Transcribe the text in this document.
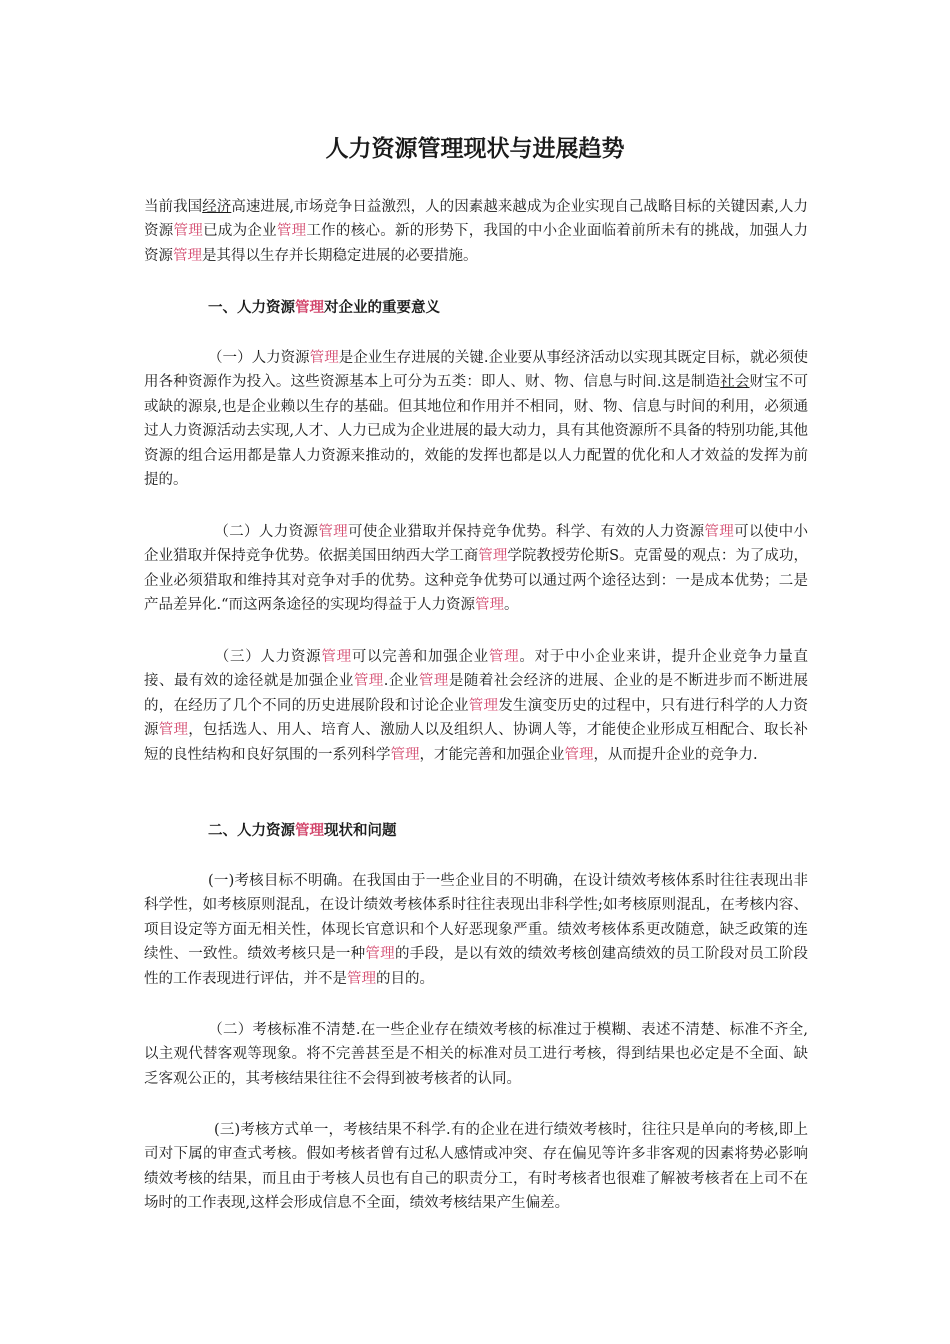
人力资源管理现状与进展趋势

当前我国经济高速进展,市场竞争日益激烈，人的因素越来越成为企业实现自己战略目标的关键因素,人力资源管理已成为企业管理工作的核心。新的形势下，我国的中小企业面临着前所未有的挑战，加强人力资源管理是其得以生存并长期稳定进展的必要措施。

一、人力资源管理对企业的重要意义

（一）人力资源管理是企业生存进展的关键.企业要从事经济活动以实现其既定目标，就必须使用各种资源作为投入。这些资源基本上可分为五类：即人、财、物、信息与时间.这是制造社会财宝不可或缺的源泉,也是企业赖以生存的基础。但其地位和作用并不相同，财、物、信息与时间的利用，必须通过人力资源活动去实现,人才、人力已成为企业进展的最大动力，具有其他资源所不具备的特别功能,其他资源的组合运用都是靠人力资源来推动的，效能的发挥也都是以人力配置的优化和人才效益的发挥为前提的。

（二）人力资源管理可使企业猎取并保持竞争优势。科学、有效的人力资源管理可以使中小企业猎取并保持竞争优势。依据美国田纳西大学工商管理学院教授劳伦斯S。克雷曼的观点：为了成功，企业必须猎取和维持其对竞争对手的优势。这种竞争优势可以通过两个途径达到：一是成本优势；二是产品差异化.“而这两条途径的实现均得益于人力资源管理。

（三）人力资源管理可以完善和加强企业管理。对于中小企业来讲，提升企业竞争力量直接、最有效的途径就是加强企业管理.企业管理是随着社会经济的进展、企业的是不断进步而不断进展的，在经历了几个不同的历史进展阶段和讨论企业管理发生演变历史的过程中，只有进行科学的人力资源管理，包括选人、用人、培育人、激励人以及组织人、协调人等，才能使企业形成互相配合、取长补短的良性结构和良好氛围的一系列科学管理，才能完善和加强企业管理，从而提升企业的竞争力.

二、人力资源管理现状和问题

(一)考核目标不明确。在我国由于一些企业目的不明确，在设计绩效考核体系时往往表现出非科学性，如考核原则混乱，在设计绩效考核体系时往往表现出非科学性;如考核原则混乱，在考核内容、项目设定等方面无相关性，体现长官意识和个人好恶现象严重。绩效考核体系更改随意，缺乏政策的连续性、一致性。绩效考核只是一种管理的手段，是以有效的绩效考核创建高绩效的员工阶段对员工阶段性的工作表现进行评估，并不是管理的目的。

（二）考核标准不清楚.在一些企业存在绩效考核的标准过于模糊、表述不清楚、标准不齐全,以主观代替客观等现象。将不完善甚至是不相关的标准对员工进行考核，得到结果也必定是不全面、缺乏客观公正的，其考核结果往往不会得到被考核者的认同。

(三)考核方式单一，考核结果不科学.有的企业在进行绩效考核时，往往只是单向的考核,即上司对下属的审查式考核。假如考核者曾有过私人感情或冲突、存在偏见等许多非客观的因素将势必影响绩效考核的结果，而且由于考核人员也有自己的职责分工，有时考核者也很难了解被考核者在上司不在场时的工作表现,这样会形成信息不全面，绩效考核结果产生偏差。
